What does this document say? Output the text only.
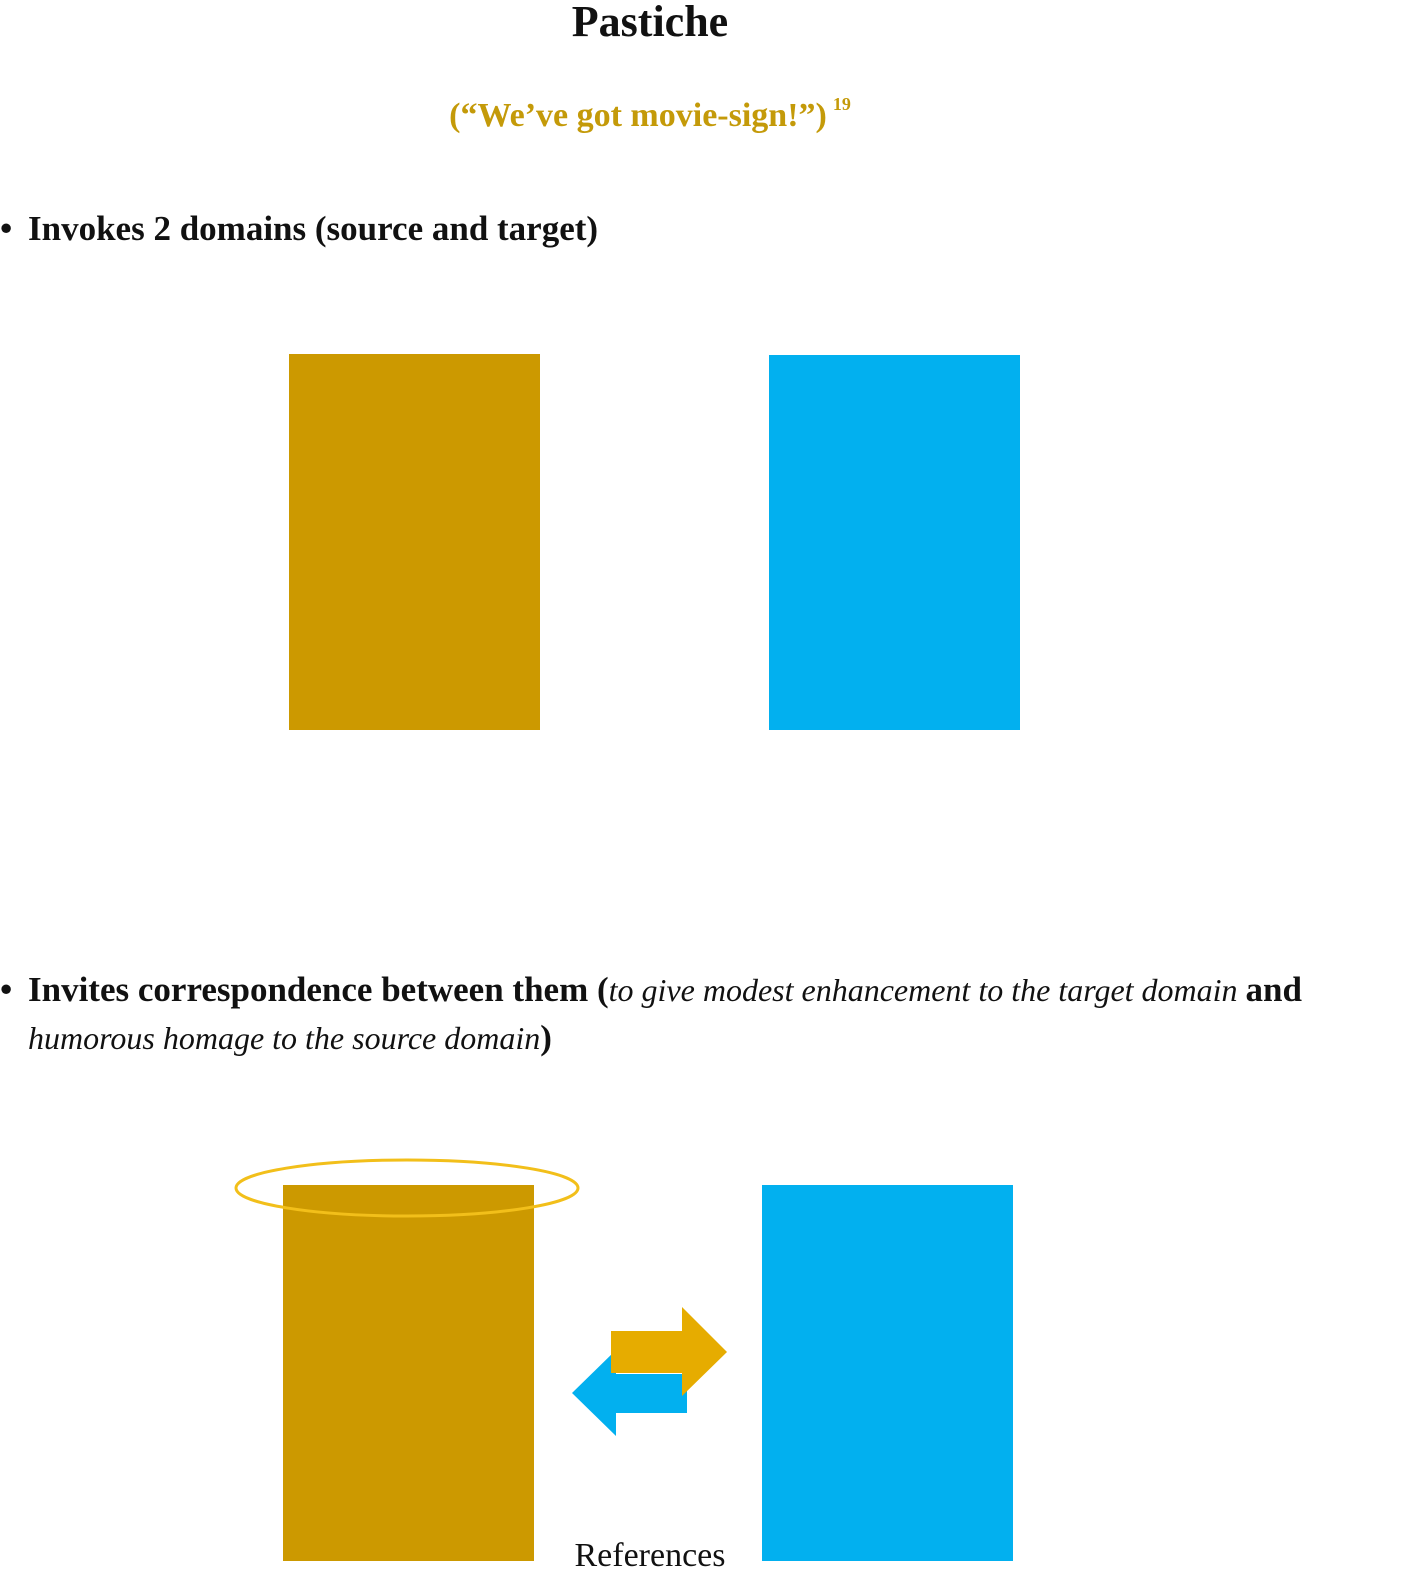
Pastiche
(“We’ve got movie-sign!”) $^{19}$
• Invokes 2 domains (source and target)
• Invites correspondence between them (to give modest enhancement to the target domain and
humorous homage to the source domain)
References
